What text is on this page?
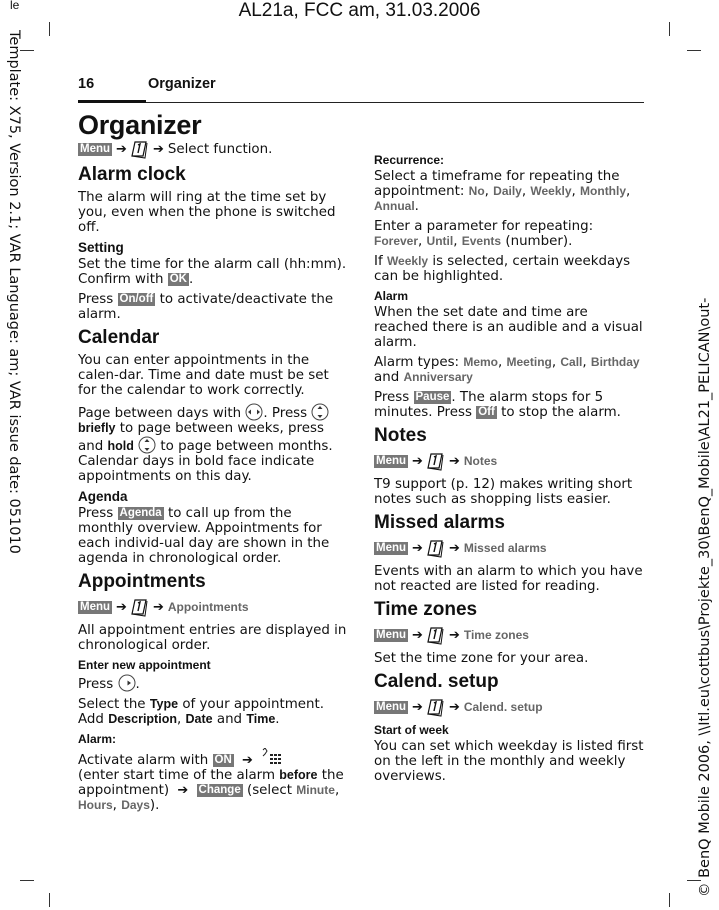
le	AL21a, FCC am, 31.03.2006
Template: X75, Version 2.1; VAR Language: am; VAR issue date: 051010
© BenQ Mobile 2006, \\Itl.eu\cottbus\Projekte_30\BenQ_Mobile\AL21_PELICAN\out-
16	Organizer
Organizer
Menu ➔ ➔ Select function.
Alarm clock

The alarm will ring at the time set by you, even when the phone is switched off.

Setting

Set the time for the alarm call (hh:mm). Confirm with OK .

Press On/off to activate/deactivate the alarm.

Calendar

You can enter appointments in the calen-dar. Time and date must be set for the calendar to work correctly.

Page between days with . Press
briefly to page between weeks, press and hold to page between months. Calendar days in bold face indicate appointments on this day.

Agenda

Press Agenda to call up from the monthly overview. Appointments for each individ-ual day are shown in the agenda in chronological order.

Appointments
Menu ➔ ➔ Appointments

All appointment entries are displayed in chronological order.

Enter new appointment

Press .

Select the Type of your appointment. Add Description, Date and Time.

Alarm:

Activate alarm with ON ➔
(enter start time of the alarm before the appointment) ➔ Change (select Minute, Hours, Days).

Recurrence:

Select a timeframe for repeating the appointment: No, Daily, Weekly, Monthly, Annual.

Enter a parameter for repeating: Forever, Until, Events (number).

If Weekly is selected, certain weekdays can be highlighted.

Alarm

When the set date and time are reached there is an audible and a visual alarm.

Alarm types: Memo, Meeting, Call, Birthday and Anniversary

Press Pause . The alarm stops for 5 minutes. Press Off to stop the alarm.

Notes
Menu ➔ ➔ Notes

T9 support (p. 12) makes writing short notes such as shopping lists easier.

Missed alarms
Menu ➔ ➔ Missed alarms

Events with an alarm to which you have not reacted are listed for reading.

Time zones
Menu ➔ ➔ Time zones

Set the time zone for your area.

Calend. setup
Menu ➔ ➔ Calend. setup
Start of week

You can set which weekday is listed first on the left in the monthly and weekly overviews.
